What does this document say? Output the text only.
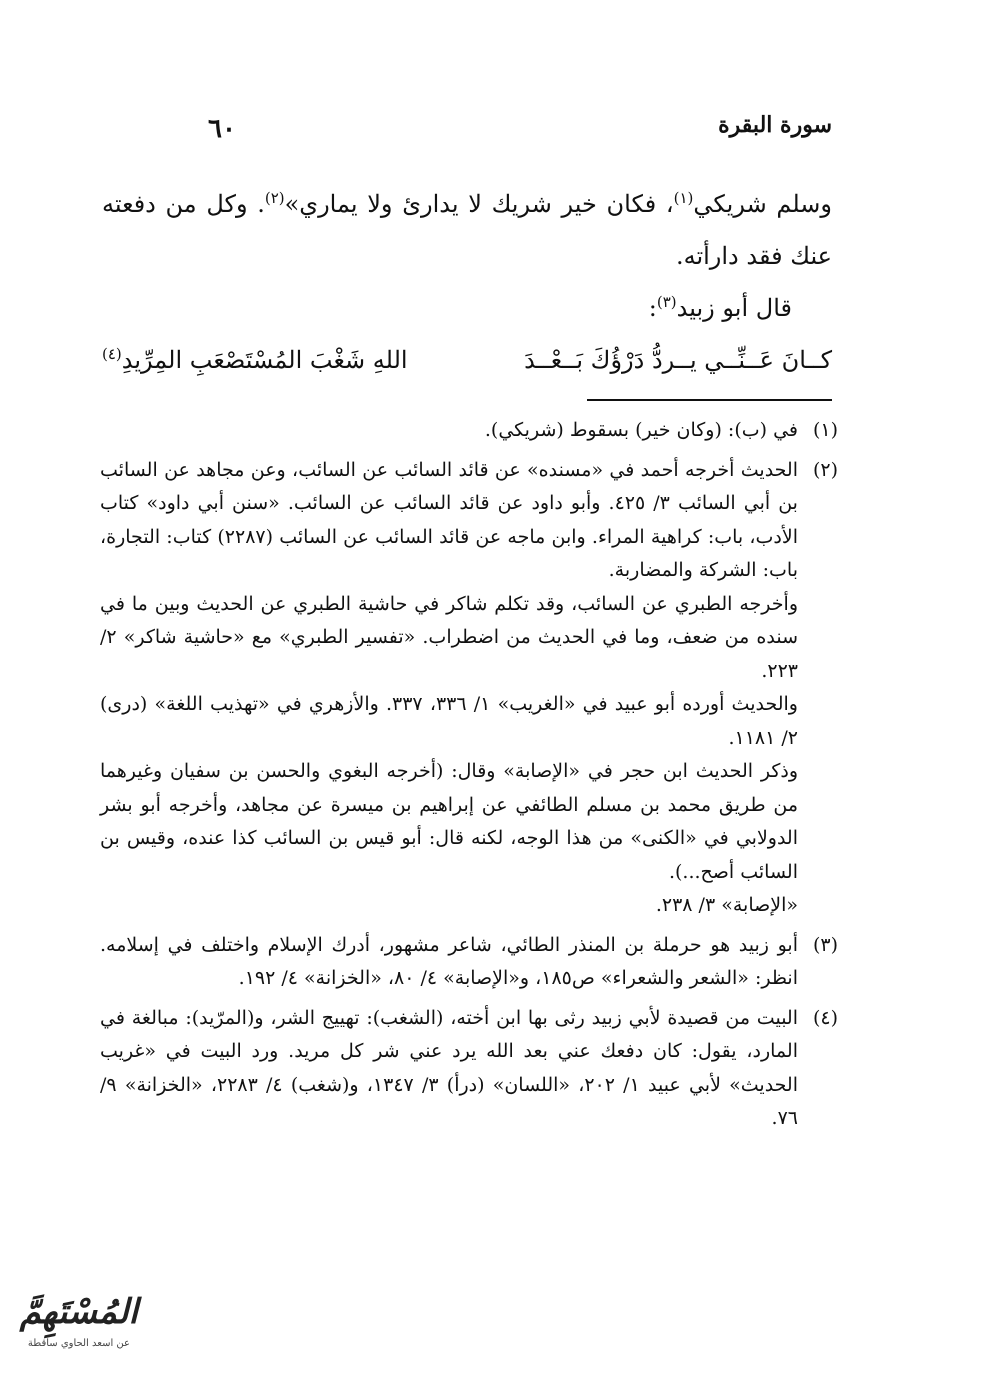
سورة البقرة
٦٠

وسلم شريكي$^{(١)}$، فكان خير شريك لا يدارئ ولا يماري»$^{(٢)}$. وكل من دفعته عنك فقد دارأته.

قال أبو زبيد$^{(٣)}$:

كــانَ عَــنِّــي يــردُّ دَرْؤُكَ بَــعْــدَ
اللهِ شَغْبَ المُسْتَصْعَبِ المِرِّيدِ$^{(٤)}$
(١)

في (ب): (وكان خير) بسقوط (شريكي).

(٢)

الحديث أخرجه أحمد في «مسنده» عن قائد السائب عن السائب، وعن مجاهد عن السائب بن أبي السائب ٣/ ٤٢٥. وأبو داود عن قائد السائب عن السائب. «سنن أبي داود» كتاب الأدب، باب: كراهية المراء. وابن ماجه عن قائد السائب عن السائب (٢٢٨٧) كتاب: التجارة، باب: الشركة والمضاربة.

وأخرجه الطبري عن السائب، وقد تكلم شاكر في حاشية الطبري عن الحديث وبين ما في سنده من ضعف، وما في الحديث من اضطراب. «تفسير الطبري» مع «حاشية شاكر» ٢/ ٢٢٣.

والحديث أورده أبو عبيد في «الغريب» ١/ ٣٣٦، ٣٣٧. والأزهري في «تهذيب اللغة» (درى) ٢/ ١١٨١.

وذكر الحديث ابن حجر في «الإصابة» وقال: (أخرجه البغوي والحسن بن سفيان وغيرهما من طريق محمد بن مسلم الطائفي عن إبراهيم بن ميسرة عن مجاهد، وأخرجه أبو بشر الدولابي في «الكنى» من هذا الوجه، لكنه قال: أبو قيس بن السائب كذا عنده، وقيس بن السائب أصح...).

«الإصابة» ٣/ ٢٣٨.

(٣)

أبو زبيد هو حرملة بن المنذر الطائي، شاعر مشهور، أدرك الإسلام واختلف في إسلامه. انظر: «الشعر والشعراء» ص١٨٥، و«الإصابة» ٤/ ٨٠، «الخزانة» ٤/ ١٩٢.

(٤)

البيت من قصيدة لأبي زبيد رثى بها ابن أخته، (الشغب): تهييج الشر، و(المرّيد): مبالغة في المارد، يقول: كان دفعك عني بعد الله يرد عني شر كل مريد. ورد البيت في «غريب الحديث» لأبي عبيد ١/ ٢٠٢، «اللسان» (درأ) ٣/ ١٣٤٧، و(شغب) ٤/ ٢٢٨٣، «الخزانة» ٩/ ٧٦.

المُسْتَهِمَّ
عن اسعد الحاوي ساقطة
